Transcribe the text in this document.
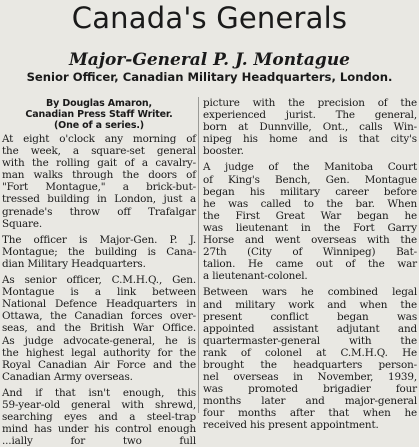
Canada's Generals
Major-General P. J. Montague
Senior Officer, Canadian Military Headquarters, London.
By Douglas Amaron,
Canadian Press Staff Writer.
(One of a series.)
At eight o'clock any morning of
the week, a square-set general
with the rolling gait of a cavalry-
man walks through the doors of
"Fort Montague," a brick-but-
tressed building in London, just a
grenade's throw off Trafalgar
Square.
The officer is Major-Gen. P. J.
Montague; the building is Cana-
dian Military Headquarters.
As senior officer, C.M.H.Q., Gen.
Montague is a link between
National Defence Headquarters in
Ottawa, the Canadian forces over-
seas, and the British War Office.
As judge advocate-general, he is
the highest legal authority for the
Royal Canadian Air Force and the
Canadian Army overseas.
And if that isn't enough, this
59-year-old general with shrewd,
searching eyes and a steel-trap
mind has under his control enough
...ially for two full
picture with the precision of the
experienced jurist. The general,
born at Dunnville, Ont., calls Win-
nipeg his home and is that city's
booster.
A judge of the Manitoba Court
of King's Bench, Gen. Montague
began his military career before
he was called to the bar. When
the First Great War began he
was lieutenant in the Fort Garry
Horse and went overseas with the
27th (City of Winnipeg) Bat-
talion. He came out of the war
a lieutenant-colonel.
Between wars he combined legal
and military work and when the
present conflict began was
appointed assistant adjutant and
quartermaster-general with the
rank of colonel at C.M.H.Q. He
brought the headquarters person-
nel overseas in November, 1939,
was promoted brigadier four
months later and major-general
four months after that when he
received his present appointment.
